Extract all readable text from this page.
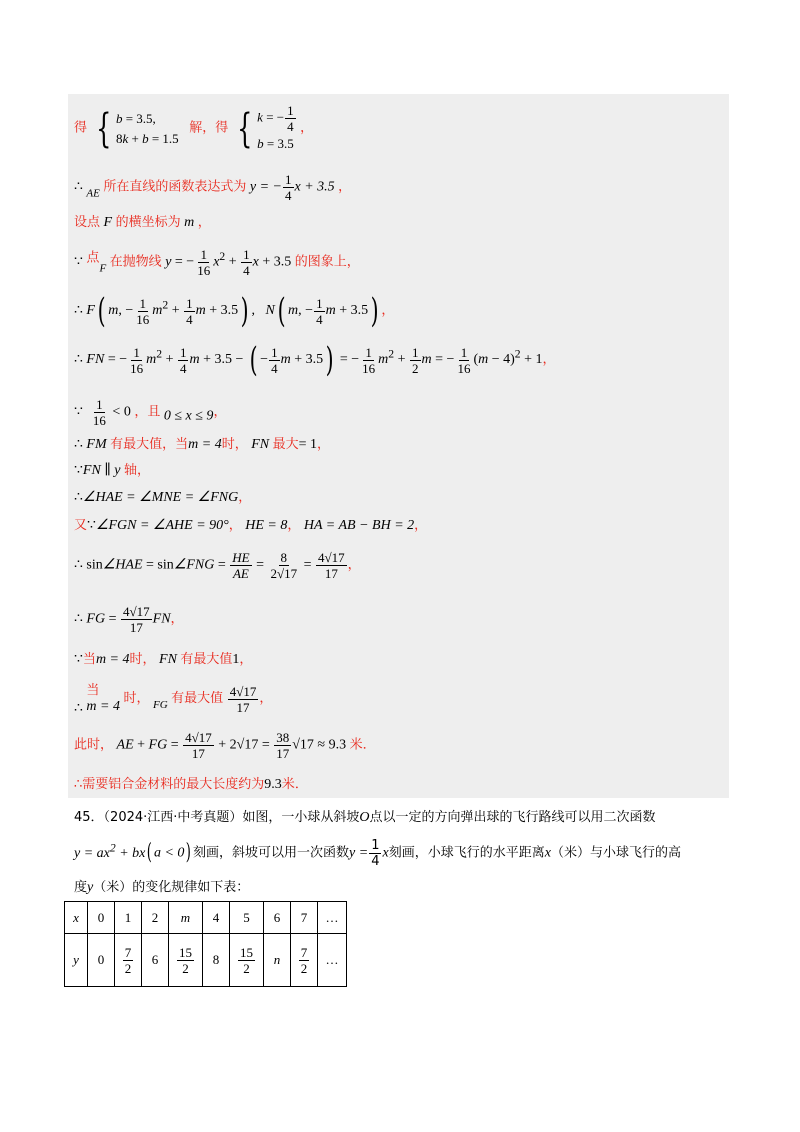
得 { b = 3.5,
8k + b = 1.5
解，得 { k = − $\frac{1}{4}$
b = 3.5
，
∴ $_{AE}$ 所在直线的函数表达式为 y = − $\frac{1}{4}$ x + 3.5 ，
设点 F 的横坐标为 m ，
∵ 点$_F$ 在抛物线 y = − $\frac{1}{16} x^2 + \frac{1}{4}$ x + 3.5 的图象上，
∴ F( m, − $\frac{1}{16} m^2 + \frac{1}{4}$ m + 3.5) ,   N( m, − $\frac{1}{4}$ m + 3.5) ，
∴ FN = − $\frac{1}{16} m^2 + \frac{1}{4}$ m + 3.5 − ( − $\frac{1}{4}$ m + 3.5) = − $\frac{1}{16} m^2 + \frac{1}{2}$ m = − $\frac{1}{16} (m - 4)^2 + 1$，
∵ $\frac{1}{16} < 0$ ，且 0 ≤ x ≤ 9，
∴ FM 有最大值，当m = 4时， FN 最大= 1，
∵FN ∥ y 轴，
∴∠HAE = ∠MNE = ∠FNG，
又∵∠FGN = ∠AHE = 90°， HE = 8， HA = AB − BH = 2，
∴ sin∠HAE = sin∠FNG = $\frac{HE}{AE} = \frac{8}{2√17} = \frac{4√17}{17}$ ，
∴ FG = $\frac{4√17}{17}$ FN，
∵当m = 4时， FN 有最大值1，
∴
当
m = 4
时， $_{FG}$ 有最大值 $\frac{4√17}{17}$ ，
此时， AE + FG = $\frac{4√17}{17} + 2√17 = \frac{38}{17} √17 \approx 9.3$ 米．
∴需要铝合金材料的最大长度约为9.3米．
45．（2024·江西·中考真题）如图，一小球从斜坡O点以一定的方向弹出球的飞行路线可以用二次函数
$y = ax^2 + bx$( a < 0) 刻画，斜坡可以用一次函数$y = \frac{1}{4}$ x刻画，小球飞行的水平距离x（米）与小球飞行的高
度y（米）的变化规律如下表：
x	0	1	2	m	4	5	6	7	…
y	0	$\frac{7}{2}$	6	$\frac{15}{2}$	8	$\frac{15}{2}$	n	$\frac{7}{2}$	…
